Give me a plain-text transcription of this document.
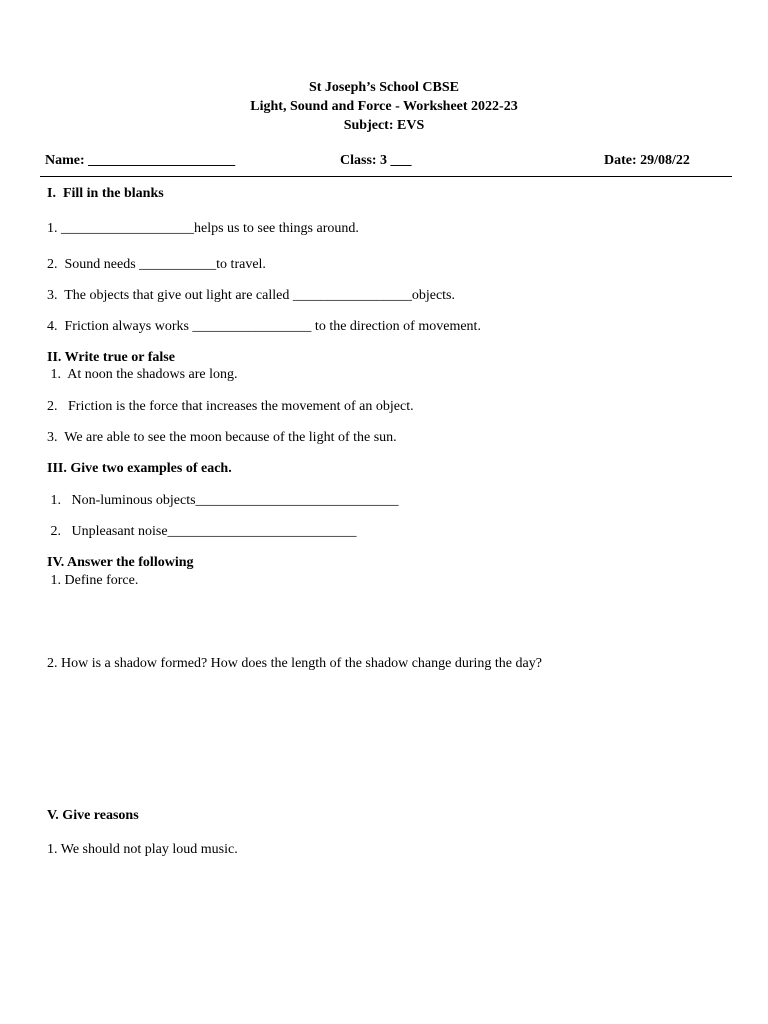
St Joseph’s School CBSE
Light, Sound and Force - Worksheet 2022-23
Subject: EVS
Name: _____________________	Class: 3 ___	Date: 29/08/22
I.  Fill in the blanks
1. ___________________helps us to see things around.
2.  Sound needs ___________to travel.
3.  The objects that give out light are called _________________objects.
4.  Friction always works _________________ to the direction of movement.
II. Write true or false
1.  At noon the shadows are long.
2.   Friction is the force that increases the movement of an object.
3.  We are able to see the moon because of the light of the sun.
III. Give two examples of each.
1.   Non-luminous objects_____________________________
2.   Unpleasant noise___________________________
IV. Answer the following
1. Define force.
2. How is a shadow formed? How does the length of the shadow change during the day?
V. Give reasons
1. We should not play loud music.
